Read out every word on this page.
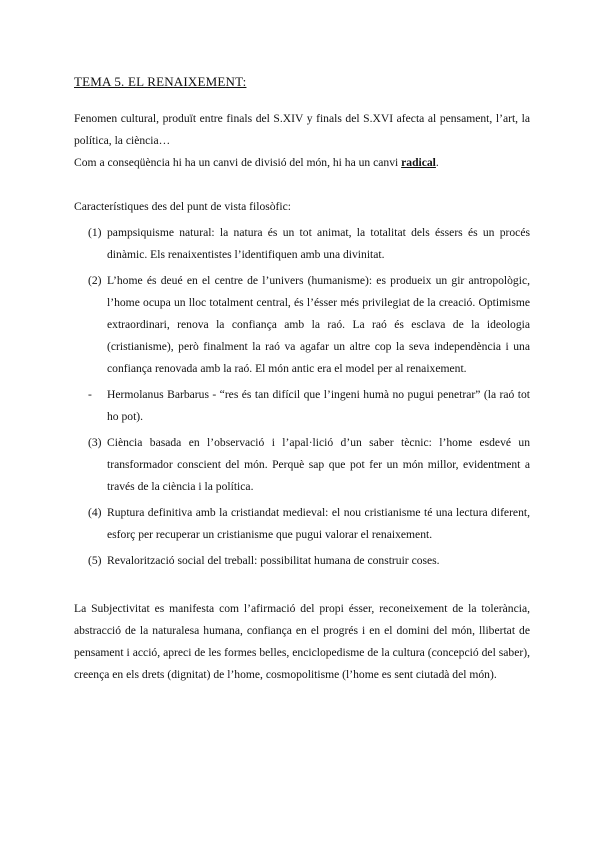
TEMA 5. EL RENAIXEMENT:

Fenomen cultural, produït entre finals del S.XIV y finals del S.XVI afecta al pensament, l’art, la política, la ciència…

Com a conseqüència hi ha un canvi de divisió del món, hi ha un canvi radical.

Característiques des del punt de vista filosòfic:

(1) pampsiquisme natural: la natura és un tot animat, la totalitat dels éssers és un procés dinàmic. Els renaixentistes l’identifiquen amb una divinitat.
(2) L’home és deué en el centre de l’univers (humanisme): es produeix un gir antropològic, l’home ocupa un lloc totalment central, és l’ésser més privilegiat de la creació. Optimisme extraordinari, renova la confiança amb la raó. La raó és esclava de la ideologia (cristianisme), però finalment la raó va agafar un altre cop la seva independència i una confiança renovada amb la raó. El món antic era el model per al renaixement.
-	Hermolanus Barbarus - “res és tan difícil que l’ingeni humà no pugui penetrar” (la raó tot ho pot).
(3) Ciència basada en l’observació i l’apal·lició d’un saber tècnic: l’home esdevé un transformador conscient del món. Perquè sap que pot fer un món millor, evidentment a través de la ciència i la política.
(4) Ruptura definitiva amb la cristiandat medieval: el nou cristianisme té una lectura diferent, esforç per recuperar un cristianisme que pugui valorar el renaixement.
(5) Revalorització social del treball: possibilitat humana de construir coses.

La Subjectivitat es manifesta com l’afirmació del propi ésser, reconeixement de la tolerància, abstracció de la naturalesa humana, confiança en el progrés i en el domini del món, llibertat de pensament i acció, apreci de les formes belles, enciclopedisme de la cultura (concepció del saber), creença en els drets (dignitat) de l’home, cosmopolitisme (l’home es sent ciutadà del món).
